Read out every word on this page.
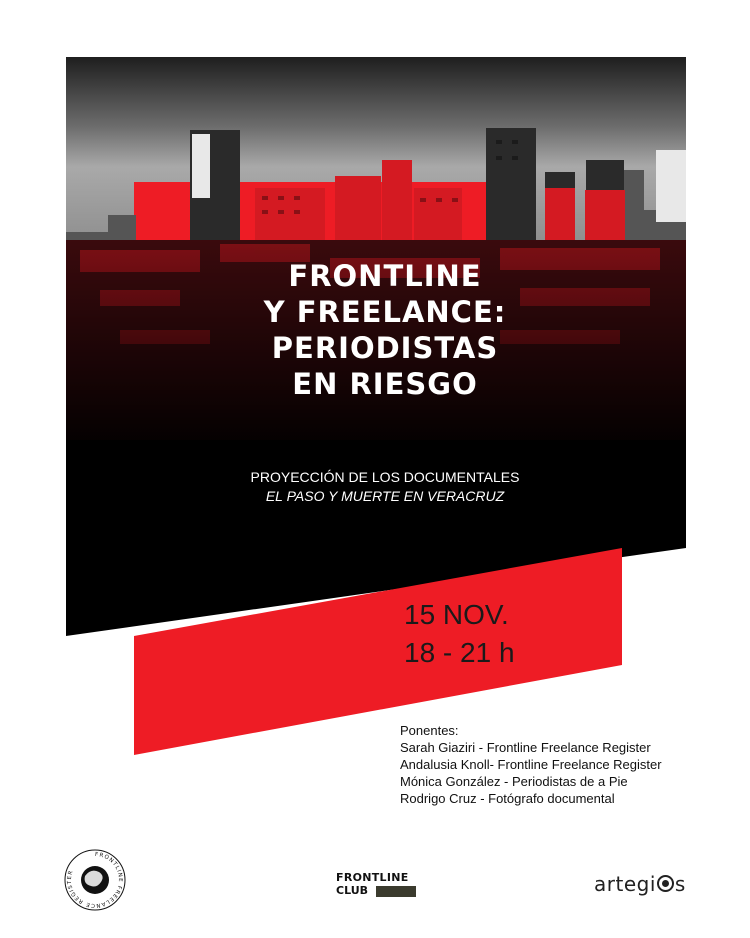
FRONTLINE
Y FREELANCE:
PERIODISTAS
EN RIESGO
PROYECCIÓN DE LOS DOCUMENTALES
EL PASO Y MUERTE EN VERACRUZ
15 NOV.
18 - 21 h
Ponentes:
Sarah Giaziri - Frontline Freelance Register
Andalusia Knoll- Frontline Freelance Register
Mónica González - Periodistas de a Pie
Rodrigo Cruz - Fotógrafo documental
FRONTLINE FREELANCE REGISTER	FRONTLINE
CLUB	artegi s
